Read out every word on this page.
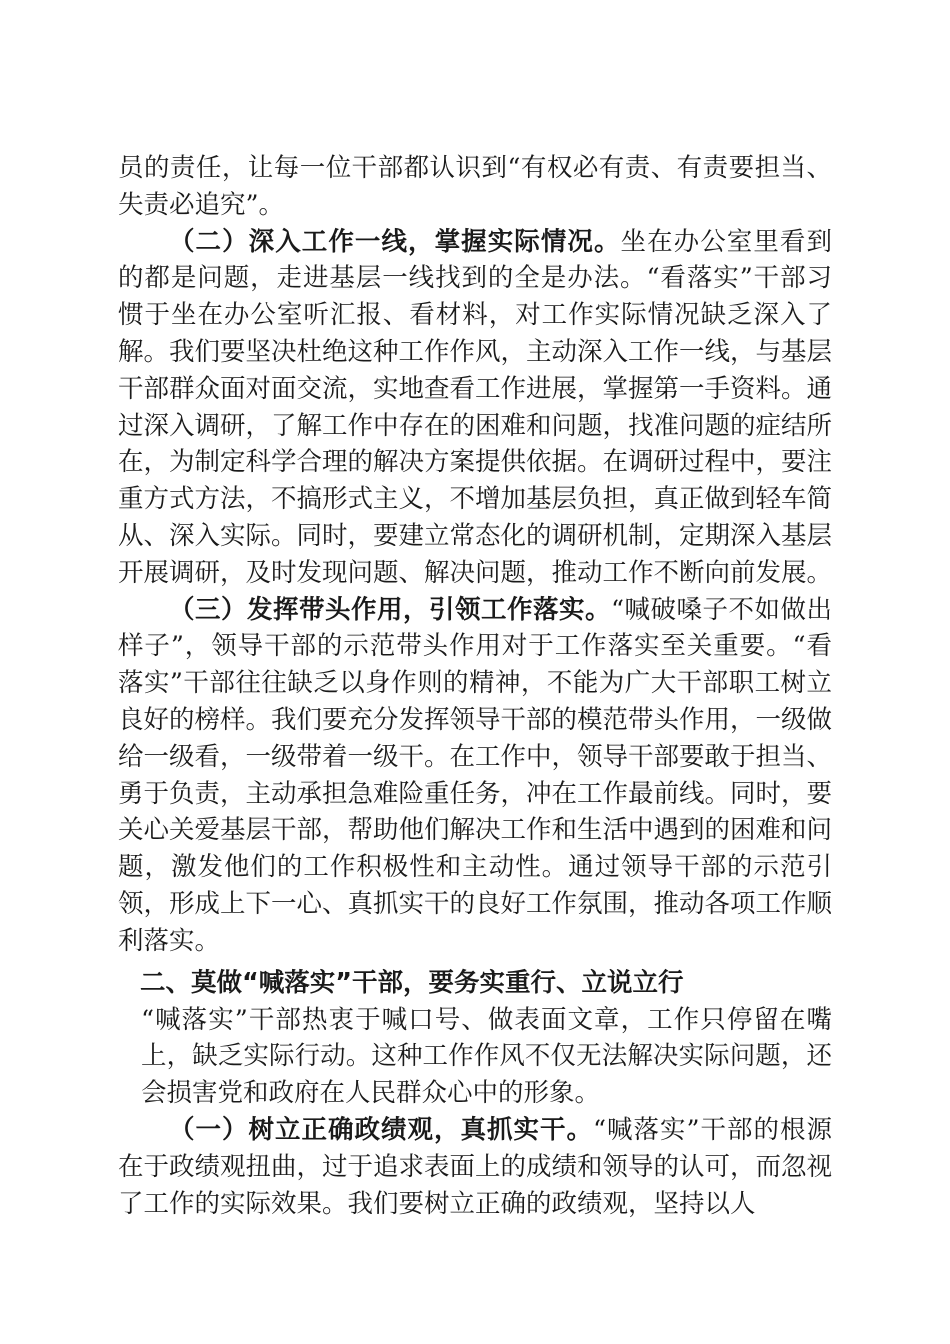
员的责任，让每一位干部都认识到“有权必有责、有责要担当、失责必追究”。

（二）深入工作一线，掌握实际情况。坐在办公室里看到的都是问题，走进基层一线找到的全是办法。“看落实”干部习惯于坐在办公室听汇报、看材料，对工作实际情况缺乏深入了解。我们要坚决杜绝这种工作作风，主动深入工作一线，与基层干部群众面对面交流，实地查看工作进展，掌握第一手资料。通过深入调研，了解工作中存在的困难和问题，找准问题的症结所在，为制定科学合理的解决方案提供依据。在调研过程中，要注重方式方法，不搞形式主义，不增加基层负担，真正做到轻车简从、深入实际。同时，要建立常态化的调研机制，定期深入基层开展调研，及时发现问题、解决问题，推动工作不断向前发展。

（三）发挥带头作用，引领工作落实。“喊破嗓子不如做出样子”，领导干部的示范带头作用对于工作落实至关重要。“看落实”干部往往缺乏以身作则的精神，不能为广大干部职工树立良好的榜样。我们要充分发挥领导干部的模范带头作用，一级做给一级看，一级带着一级干。在工作中，领导干部要敢于担当、勇于负责，主动承担急难险重任务，冲在工作最前线。同时，要关心关爱基层干部，帮助他们解决工作和生活中遇到的困难和问题，激发他们的工作积极性和主动性。通过领导干部的示范引领，形成上下一心、真抓实干的良好工作氛围，推动各项工作顺利落实。

二、莫做“喊落实”干部，要务实重行、立说立行

“喊落实”干部热衷于喊口号、做表面文章，工作只停留在嘴上，缺乏实际行动。这种工作作风不仅无法解决实际问题，还会损害党和政府在人民群众心中的形象。

（一）树立正确政绩观，真抓实干。“喊落实”干部的根源在于政绩观扭曲，过于追求表面上的成绩和领导的认可，而忽视了工作的实际效果。我们要树立正确的政绩观，坚持以人
